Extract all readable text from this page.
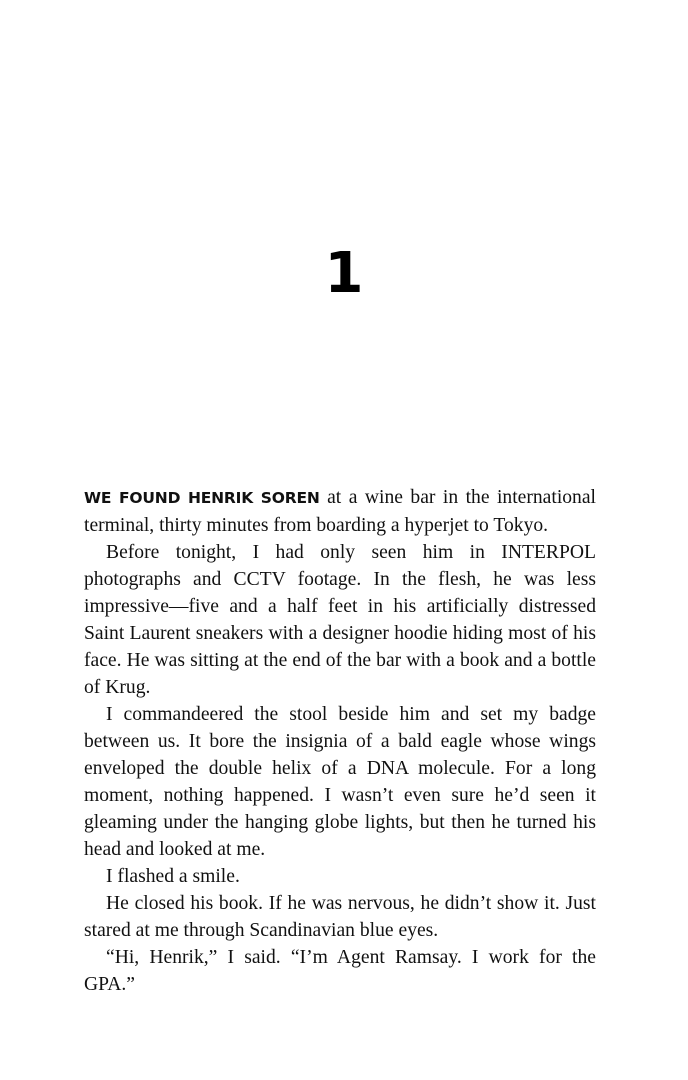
1

WE FOUND HENRIK SOREN at a wine bar in the international terminal, thirty minutes from boarding a hyperjet to Tokyo.

Before tonight, I had only seen him in INTERPOL photographs and CCTV footage. In the flesh, he was less impressive—five and a half feet in his artificially distressed Saint Laurent sneakers with a designer hoodie hiding most of his face. He was sitting at the end of the bar with a book and a bottle of Krug.

I commandeered the stool beside him and set my badge between us. It bore the insignia of a bald eagle whose wings enveloped the double helix of a DNA molecule. For a long moment, nothing happened. I wasn’t even sure he’d seen it gleaming under the hanging globe lights, but then he turned his head and looked at me.

I flashed a smile.

He closed his book. If he was nervous, he didn’t show it. Just stared at me through Scandinavian blue eyes.

“Hi, Henrik,” I said. “I’m Agent Ramsay. I work for the GPA.”
